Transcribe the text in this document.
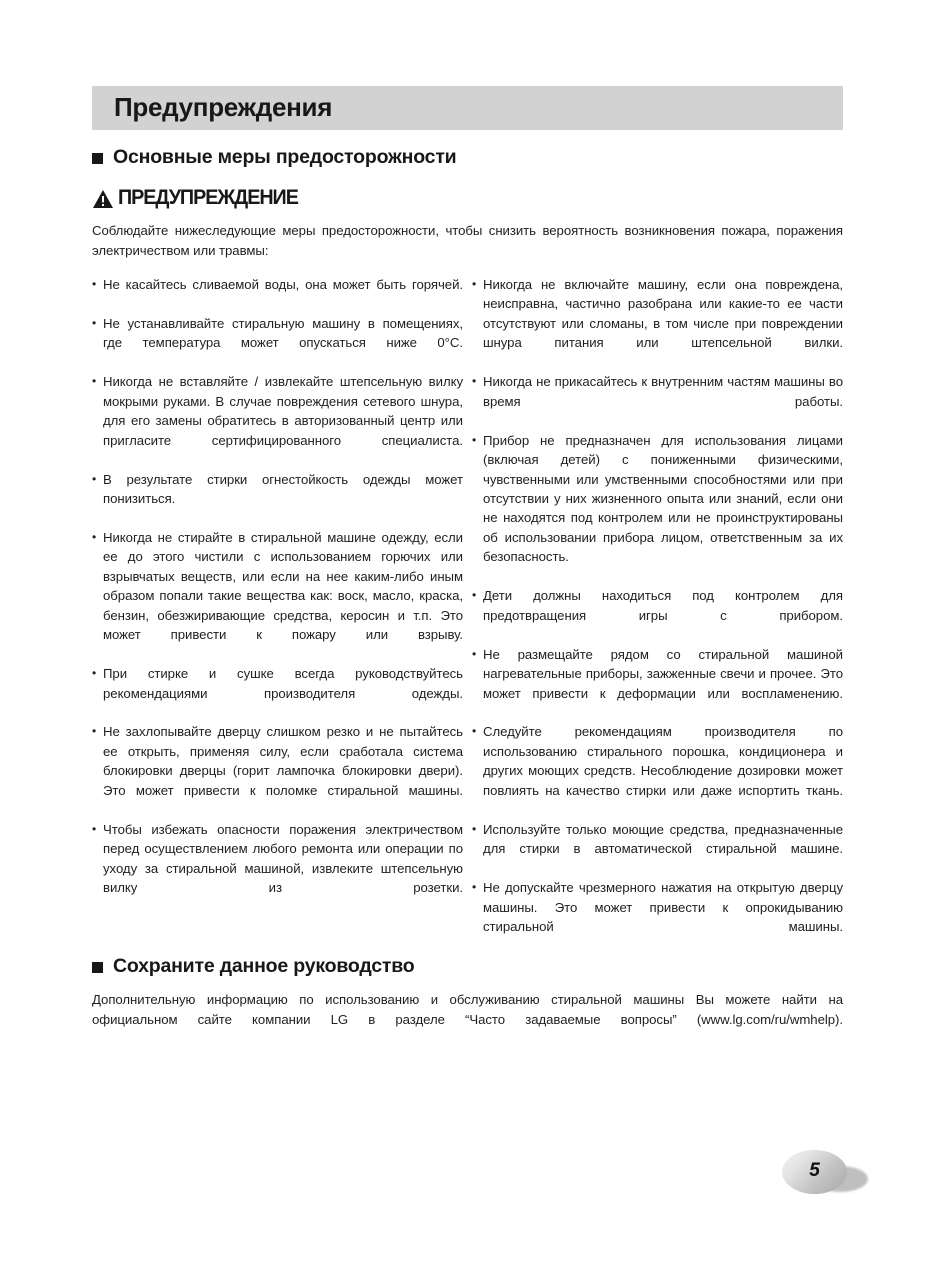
Предупреждения
Основные меры предосторожности
ПРЕДУПРЕЖДЕНИЕ
Соблюдайте нижеследующие меры предосторожности, чтобы снизить вероятность возникновения пожара, поражения электричеством или травмы:
• Не касайтесь сливаемой воды, она может быть горячей.
• Не устанавливайте стиральную машину в помещениях, где температура может опускаться ниже 0°C.
• Никогда не вставляйте / извлекайте штепсельную вилку мокрыми руками. В случае повреждения сетевого шнура, для его замены обратитесь в авторизованный центр или пригласите сертифицированного специалиста.
• В результате стирки огнестойкость одежды может понизиться.
• Никогда не стирайте в стиральной машине одежду, если ее до этого чистили с использованием горючих или взрывчатых веществ, или если на нее каким-либо иным образом попали такие вещества как: воск, масло, краска, бензин, обезжиривающие средства, керосин и т.п. Это может привести к пожару или взрыву.
• При стирке и сушке всегда руководствуйтесь рекомендациями производителя одежды.
• Не захлопывайте дверцу слишком резко и не пытайтесь ее открыть, применяя силу, если сработала система блокировки дверцы (горит лампочка блокировки двери). Это может привести к поломке стиральной машины.
• Чтобы избежать опасности поражения электричеством перед осуществлением любого ремонта или операции по уходу за стиральной машиной, извлеките штепсельную вилку из розетки.
• Никогда не включайте машину, если она повреждена, неисправна, частично разобрана или какие-то ее части отсутствуют или сломаны, в том числе при повреждении шнура питания или штепсельной вилки.
• Никогда не прикасайтесь к внутренним частям машины во время работы.
• Прибор не предназначен для использования лицами (включая детей) с пониженными физическими, чувственными или умственными способностями или при отсутствии у них жизненного опыта или знаний, если они не находятся под контролем или не проинструктированы об использовании прибора лицом, ответственным за их безопасность.
• Дети должны находиться под контролем для предотвращения игры с прибором.
• Не размещайте рядом со стиральной машиной нагревательные приборы, зажженные свечи и прочее. Это может привести к деформации или воспламенению.
• Следуйте рекомендациям производителя по использованию стирального порошка, кондиционера и других моющих средств. Несоблюдение дозировки может повлиять на качество стирки или даже испортить ткань.
• Используйте только моющие средства, предназначенные для стирки в автоматической стиральной машине.
• Не допускайте чрезмерного нажатия на открытую дверцу машины. Это может привести к опрокидыванию стиральной машины.
Сохраните данное руководство
Дополнительную информацию по использованию и обслуживанию стиральной машины Вы можете найти на официальном сайте компании LG в разделе “Часто задаваемые вопросы” (www.lg.com/ru/wmhelp).
5
